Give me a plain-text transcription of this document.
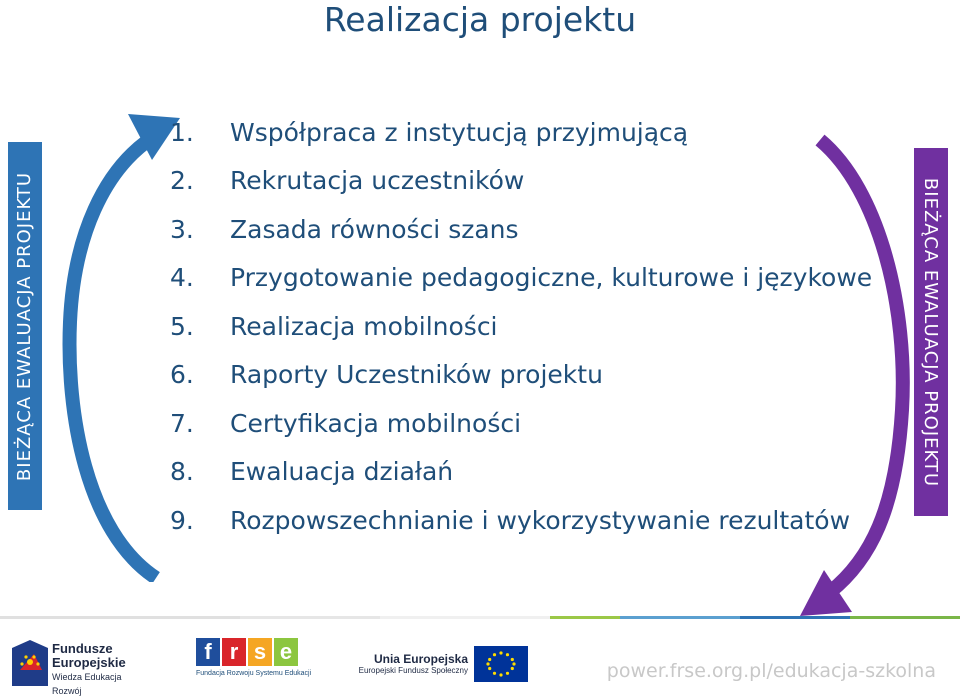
Realizacja projektu
BIEŻĄCA EWALUACJA PROJEKTU	BIEŻĄCA EWALUACJA PROJEKTU
1.	Współpraca z instytucją przyjmującą
2.	Rekrutacja uczestników
3.	Zasada równości szans
4.	Przygotowanie pedagogiczne, kulturowe i językowe
5.	Realizacja mobilności
6.	Raporty Uczestników projektu
7.	Certyfikacja mobilności
8.	Ewaluacja działań
9.	Rozpowszechnianie i wykorzystywanie rezultatów
Fundusze
Europejskie
Wiedza Edukacja Rozwój
f r s e
Fundacja Rozwoju Systemu Edukacji
Unia Europejska
Europejski Fundusz Społeczny	power.frse.org.pl/edukacja-szkolna
